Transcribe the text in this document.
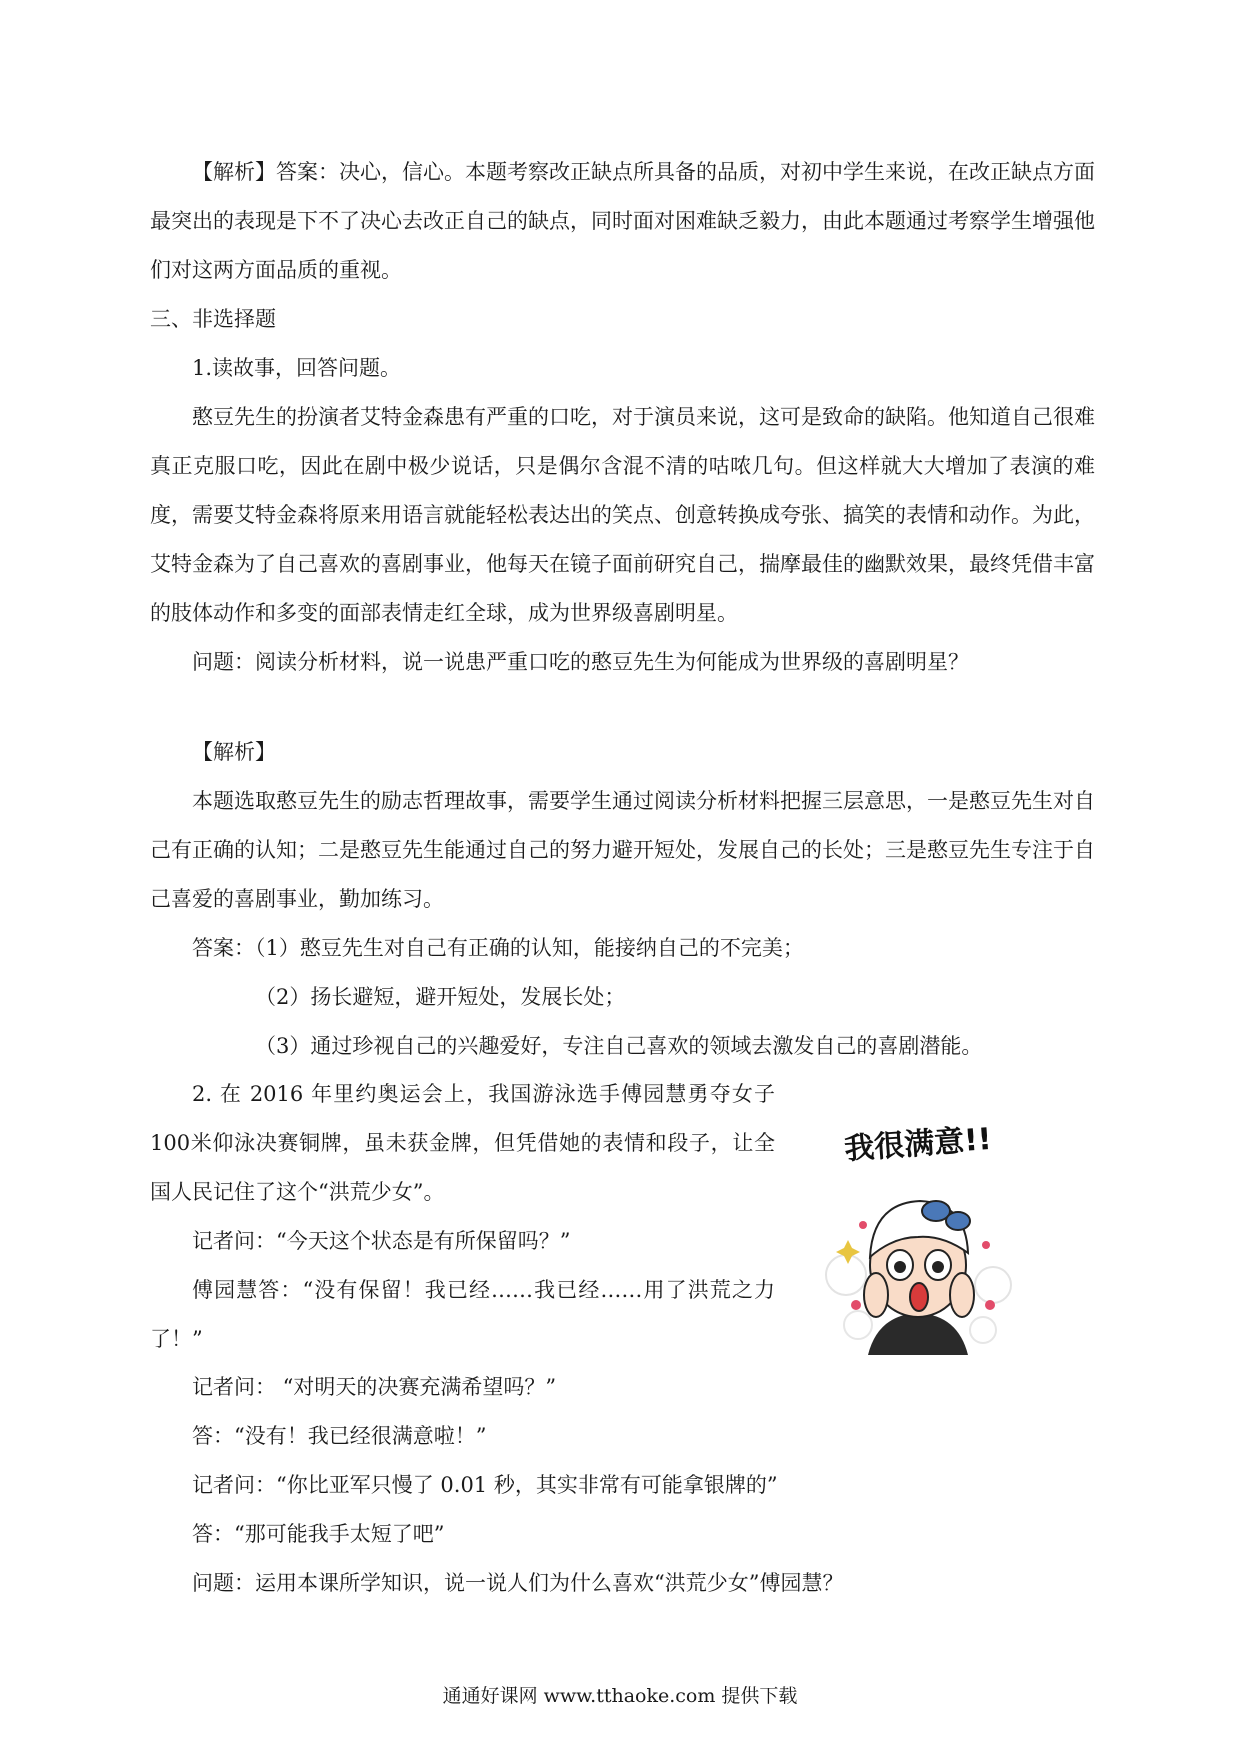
【解析】答案：决心，信心。本题考察改正缺点所具备的品质，对初中学生来说，在改正缺点方面最突出的表现是下不了决心去改正自己的缺点，同时面对困难缺乏毅力，由此本题通过考察学生增强他们对这两方面品质的重视。

三、非选择题

1.读故事，回答问题。

憨豆先生的扮演者艾特金森患有严重的口吃，对于演员来说，这可是致命的缺陷。他知道自己很难真正克服口吃，因此在剧中极少说话，只是偶尔含混不清的咕哝几句。但这样就大大增加了表演的难度，需要艾特金森将原来用语言就能轻松表达出的笑点、创意转换成夸张、搞笑的表情和动作。为此，艾特金森为了自己喜欢的喜剧事业，他每天在镜子面前研究自己，揣摩最佳的幽默效果，最终凭借丰富的肢体动作和多变的面部表情走红全球，成为世界级喜剧明星。

问题：阅读分析材料，说一说患严重口吃的憨豆先生为何能成为世界级的喜剧明星？

【解析】

本题选取憨豆先生的励志哲理故事，需要学生通过阅读分析材料把握三层意思，一是憨豆先生对自己有正确的认知；二是憨豆先生能通过自己的努力避开短处，发展自己的长处；三是憨豆先生专注于自己喜爱的喜剧事业，勤加练习。

答案：（1）憨豆先生对自己有正确的认知，能接纳自己的不完美；

（2）扬长避短，避开短处，发展长处；

（3）通过珍视自己的兴趣爱好，专注自己喜欢的领域去激发自己的喜剧潜能。

2. 在 2016 年里约奥运会上，我国游泳选手傅园慧勇夺女子100米仰泳决赛铜牌，虽未获金牌，但凭借她的表情和段子，让全国人民记住了这个“洪荒少女”。

记者问：“今天这个状态是有所保留吗？”

傅园慧答：“没有保留！我已经……我已经……用了洪荒之力了！”

记者问： “对明天的决赛充满希望吗？”

答：“没有！我已经很满意啦！”

记者问：“你比亚军只慢了 0.01 秒，其实非常有可能拿银牌的”

答：“那可能我手太短了吧”

问题：运用本课所学知识，说一说人们为什么喜欢“洪荒少女”傅园慧？

我很满意!!
通通好课网 www.tthaoke.com 提供下载
